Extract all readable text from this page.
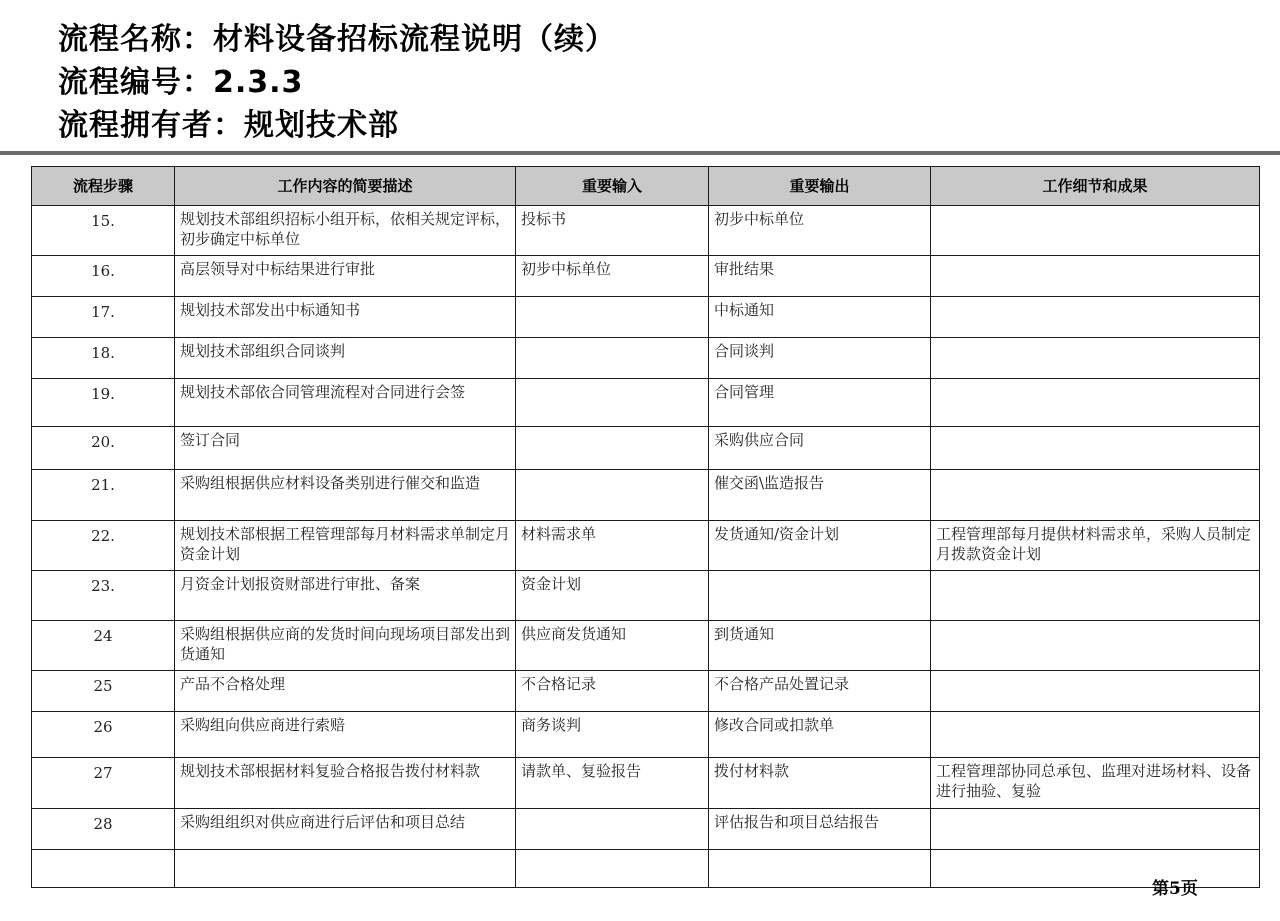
流程名称：材料设备招标流程说明（续）
流程编号：2.3.3
流程拥有者：规划技术部
流程步骤	工作内容的简要描述	重要输入	重要输出	工作细节和成果
15.	规划技术部组织招标小组开标，依相关规定评标，初步确定中标单位	投标书	初步中标单位	
16.	高层领导对中标结果进行审批	初步中标单位	审批结果	
17.	规划技术部发出中标通知书		中标通知	
18.	规划技术部组织合同谈判		合同谈判	
19.	规划技术部依合同管理流程对合同进行会签		合同管理	
20.	签订合同		采购供应合同	
21.	采购组根据供应材料设备类别进行催交和监造		催交函\监造报告	
22.	规划技术部根据工程管理部每月材料需求单制定月资金计划	材料需求单	发货通知/资金计划	工程管理部每月提供材料需求单，采购人员制定月拨款资金计划
23.	月资金计划报资财部进行审批、备案	资金计划		
24	采购组根据供应商的发货时间向现场项目部发出到货通知	供应商发货通知	到货通知	
25	产品不合格处理	不合格记录	不合格产品处置记录	
26	采购组向供应商进行索赔	商务谈判	修改合同或扣款单	
27	规划技术部根据材料复验合格报告拨付材料款	请款单、复验报告	拨付材料款	工程管理部协同总承包、监理对进场材料、设备进行抽验、复验
28	采购组组织对供应商进行后评估和项目总结		评估报告和项目总结报告	

第5页
